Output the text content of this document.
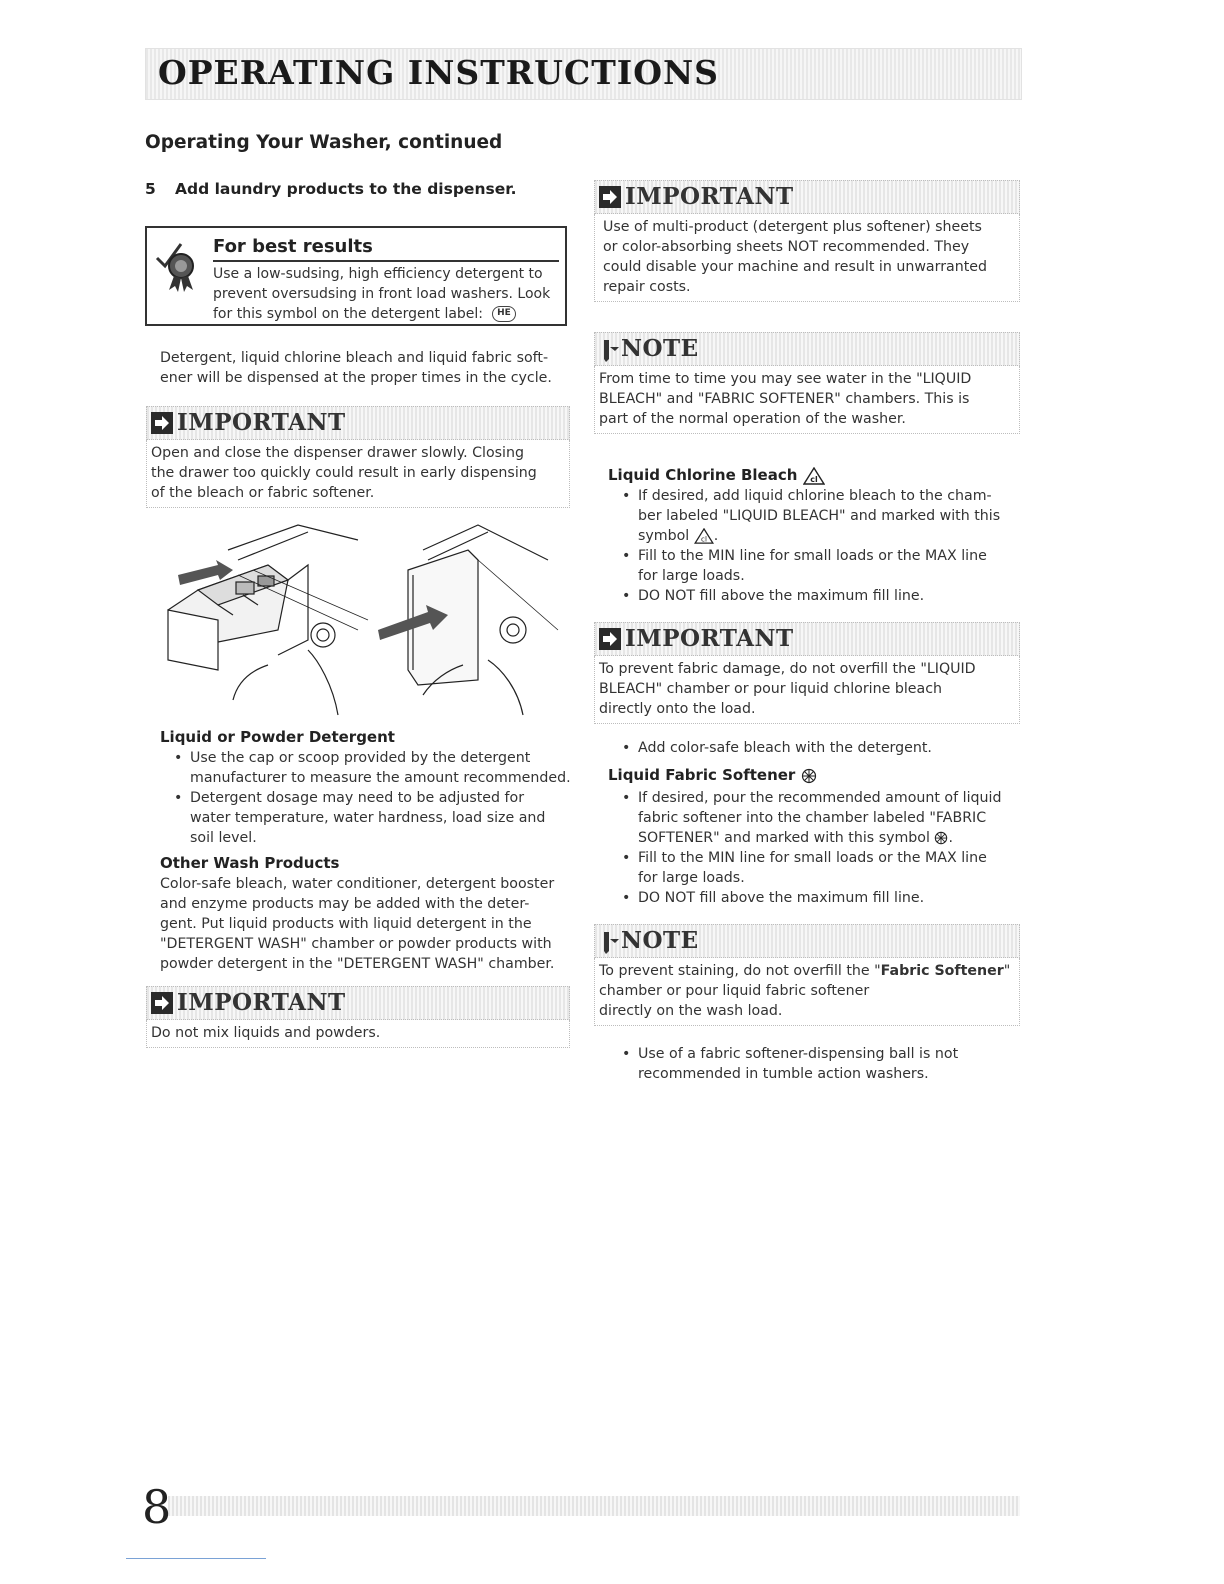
OPERATING INSTRUCTIONS
Operating Your Washer, continued
5 Add laundry products to the dispenser.
For best results
Use a low-sudsing, high efficiency detergent to
prevent oversudsing in front load washers. Look
for this symbol on the detergent label: HE
Detergent, liquid chlorine bleach and liquid fabric soft-
ener will be dispensed at the proper times in the cycle.
IMPORTANT
Open and close the dispenser drawer slowly. Closing
the drawer too quickly could result in early dispensing
of the bleach or fabric softener.
Liquid or Powder Detergent
• Use the cap or scoop provided by the detergent
manufacturer to measure the amount recommended.
• Detergent dosage may need to be adjusted for
water temperature, water hardness, load size and
soil level.
Other Wash Products
Color-safe bleach, water conditioner, detergent booster
and enzyme products may be added with the deter-
gent. Put liquid products with liquid detergent in the
"DETERGENT WASH" chamber or powder products with
powder detergent in the "DETERGENT WASH" chamber.
IMPORTANT
Do not mix liquids and powders.
IMPORTANT
Use of multi-product (detergent plus softener) sheets
or color-absorbing sheets NOT recommended. They
could disable your machine and result in unwarranted
repair costs.
NOTE
From time to time you may see water in the "LIQUID
BLEACH" and "FABRIC SOFTENER" chambers. This is
part of the normal operation of the washer.
Liquid Chlorine Bleach cl
• If desired, add liquid chlorine bleach to the cham-
ber labeled "LIQUID BLEACH" and marked with this
symbol cl .
• Fill to the MIN line for small loads or the MAX line
for large loads.
• DO NOT fill above the maximum fill line.
IMPORTANT
To prevent fabric damage, do not overfill the "LIQUID
BLEACH" chamber or pour liquid chlorine bleach
directly onto the load.
• Add color-safe bleach with the detergent.
Liquid Fabric Softener
• If desired, pour the recommended amount of liquid
fabric softener into the chamber labeled "FABRIC
SOFTENER" and marked with this symbol .
• Fill to the MIN line for small loads or the MAX line
for large loads.
• DO NOT fill above the maximum fill line.
NOTE
To prevent staining, do not overfill the "Fabric Softener" chamber or pour liquid fabric softener
directly on the wash load.
• Use of a fabric softener-dispensing ball is not
recommended in tumble action washers.
8
